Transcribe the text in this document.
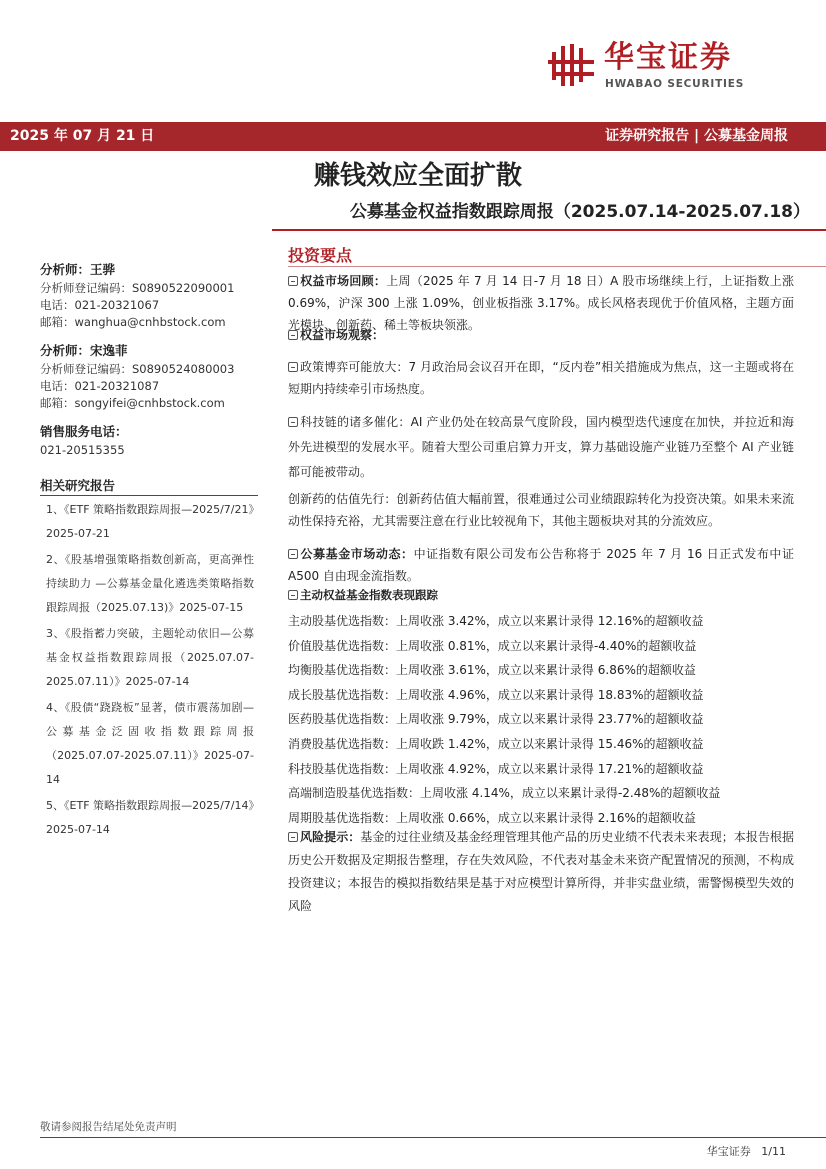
华宝证券
HWABAO SECURITIES
2025 年 07 月 21 日	证券研究报告 | 公募基金周报
赚钱效应全面扩散
公募基金权益指数跟踪周报（2025.07.14-2025.07.18）
分析师：王骅
分析师登记编码：S0890522090001
电话：021-20321067
邮箱：wanghua@cnhbstock.com
分析师：宋逸菲
分析师登记编码：S0890524080003
电话：021-20321087
邮箱：songyifei@cnhbstock.com
销售服务电话：
021-20515355
相关研究报告
1、《ETF 策略指数跟踪周报—2025/7/21》2025-07-21
2、《股基增强策略指数创新高，更高弹性持续助力 —公募基金量化遴选类策略指数跟踪周报（2025.07.13)》2025-07-15
3、《股指蓄力突破，主题轮动依旧—公募基金权益指数跟踪周报（2025.07.07-2025.07.11）》2025-07-14
4、《股债“跷跷板”显著，债市震荡加剧—公募基金泛固收指数跟踪周报（2025.07.07-2025.07.11）》2025-07-14
5、《ETF 策略指数跟踪周报—2025/7/14》2025-07-14
投资要点
权益市场回顾：上周（2025 年 7 月 14 日-7 月 18 日）A 股市场继续上行，上证指数上涨 0.69%，沪深 300 上涨 1.09%，创业板指涨 3.17%。成长风格表现优于价值风格，主题方面光模块、创新药、稀土等板块领涨。
权益市场观察：
政策博弈可能放大：7 月政治局会议召开在即，“反内卷”相关措施成为焦点，这一主题或将在短期内持续牵引市场热度。
科技链的诸多催化：AI 产业仍处在较高景气度阶段，国内模型迭代速度在加快，并拉近和海外先进模型的发展水平。随着大型公司重启算力开支，算力基础设施产业链乃至整个 AI 产业链都可能被带动。
创新药的估值先行：创新药估值大幅前置，很难通过公司业绩跟踪转化为投资决策。如果未来流动性保持充裕，尤其需要注意在行业比较视角下，其他主题板块对其的分流效应。
公募基金市场动态：中证指数有限公司发布公告称将于 2025 年 7 月 16 日正式发布中证 A500 自由现金流指数。
主动权益基金指数表现跟踪
主动股基优选指数：上周收涨 3.42%，成立以来累计录得 12.16%的超额收益
价值股基优选指数：上周收涨 0.81%，成立以来累计录得-4.40%的超额收益
均衡股基优选指数：上周收涨 3.61%，成立以来累计录得 6.86%的超额收益
成长股基优选指数：上周收涨 4.96%，成立以来累计录得 18.83%的超额收益
医药股基优选指数：上周收涨 9.79%，成立以来累计录得 23.77%的超额收益
消费股基优选指数：上周收跌 1.42%，成立以来累计录得 15.46%的超额收益
科技股基优选指数：上周收涨 4.92%，成立以来累计录得 17.21%的超额收益
高端制造股基优选指数：上周收涨 4.14%，成立以来累计录得-2.48%的超额收益
周期股基优选指数：上周收涨 0.66%，成立以来累计录得 2.16%的超额收益
风险提示：基金的过往业绩及基金经理管理其他产品的历史业绩不代表未来表现；本报告根据历史公开数据及定期报告整理，存在失效风险，不代表对基金未来资产配置情况的预测，不构成投资建议；本报告的模拟指数结果是基于对应模型计算所得，并非实盘业绩，需警惕模型失效的风险
敬请参阅报告结尾处免责声明
华宝证券 1/11
